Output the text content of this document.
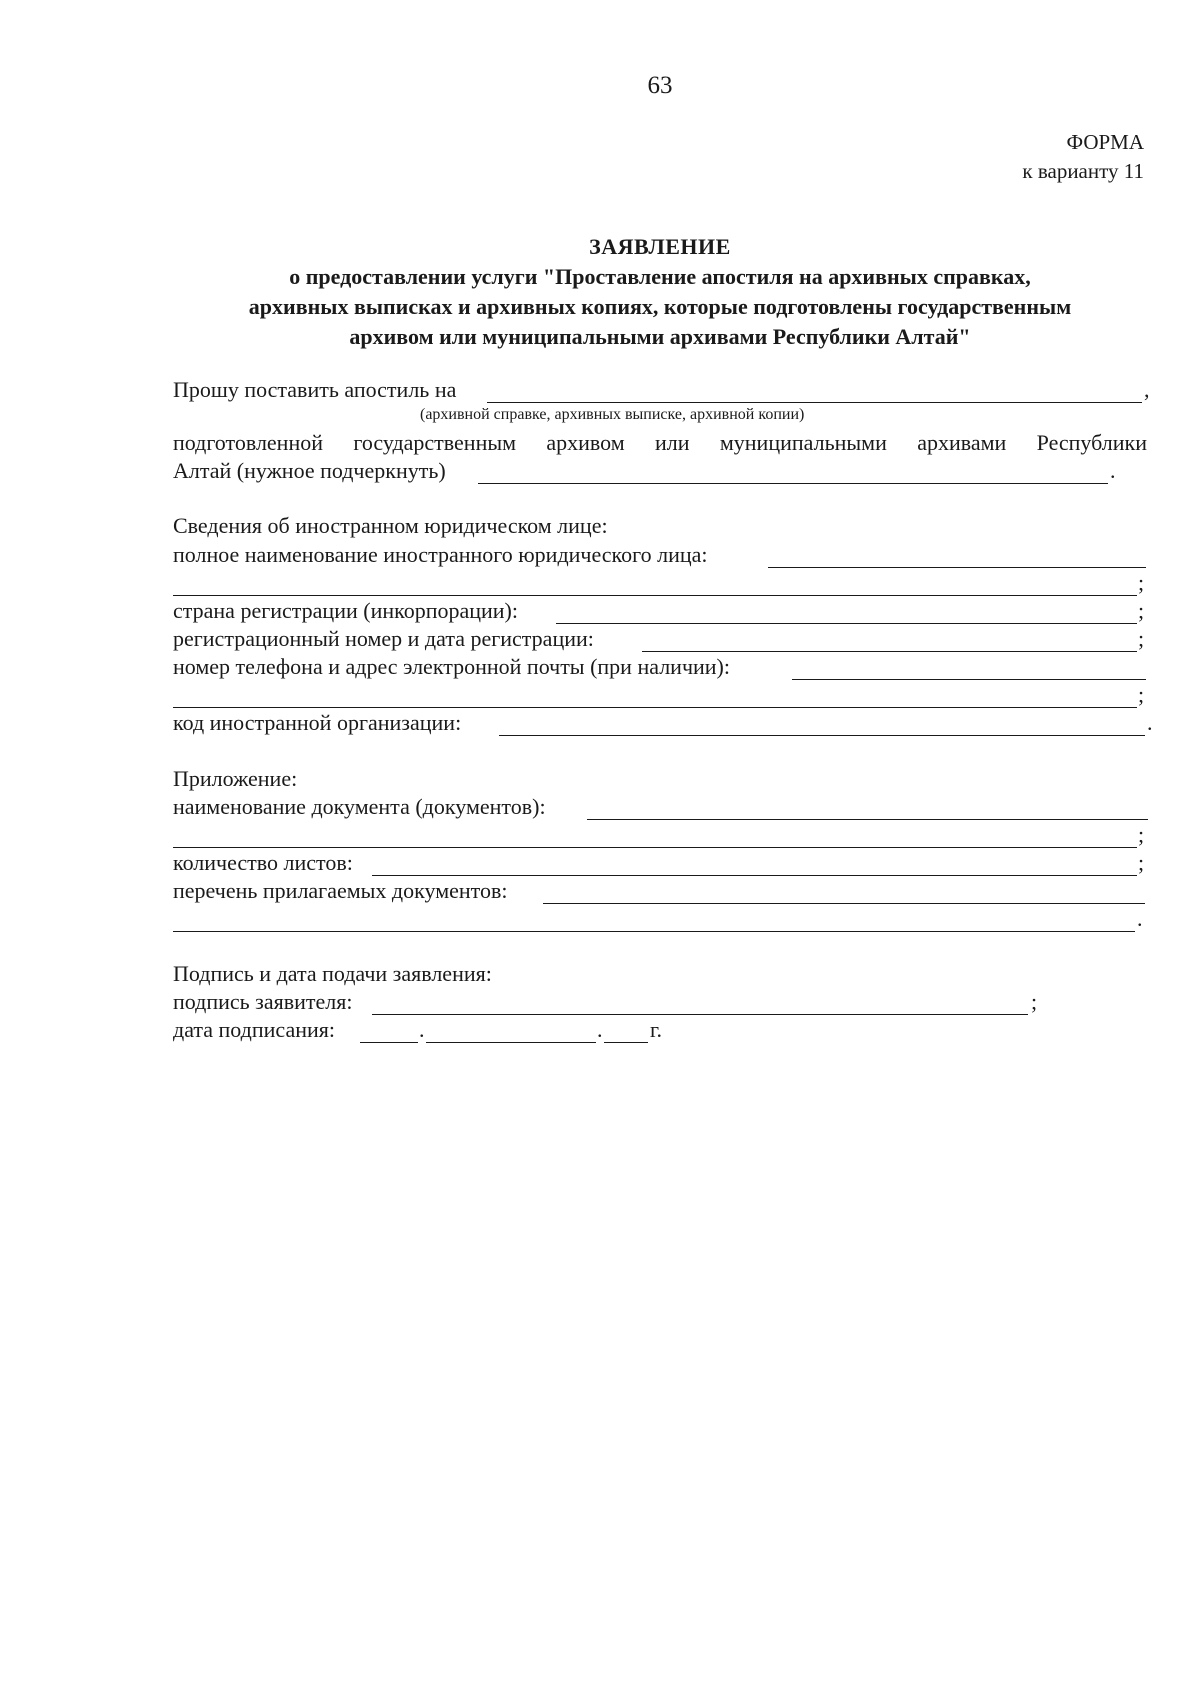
63
ФОРМА
к варианту 11
ЗАЯВЛЕНИЕ
о предоставлении услуги "Проставление апостиля на архивных справках,
архивных выписках и архивных копиях, которые подготовлены государственным
архивом или муниципальными архивами Республики Алтай"
Прошу поставить апостиль на	,
(архивной справке, архивных выписке, архивной копии)
подготовленной государственным архивом или муниципальными архивами Республики
Алтай (нужное подчеркнуть)	.
Сведения об иностранном юридическом лице:
полное наименование иностранного юридического лица:
;
страна регистрации (инкорпорации):	;
регистрационный номер и дата регистрации:	;
номер телефона и адрес электронной почты (при наличии):
;
код иностранной организации:	.
Приложение:
наименование документа (документов):
;
количество листов:	;
перечень прилагаемых документов:
.
Подпись и дата подачи заявления:
подпись заявителя:	;
дата подписания:	.	. г.
